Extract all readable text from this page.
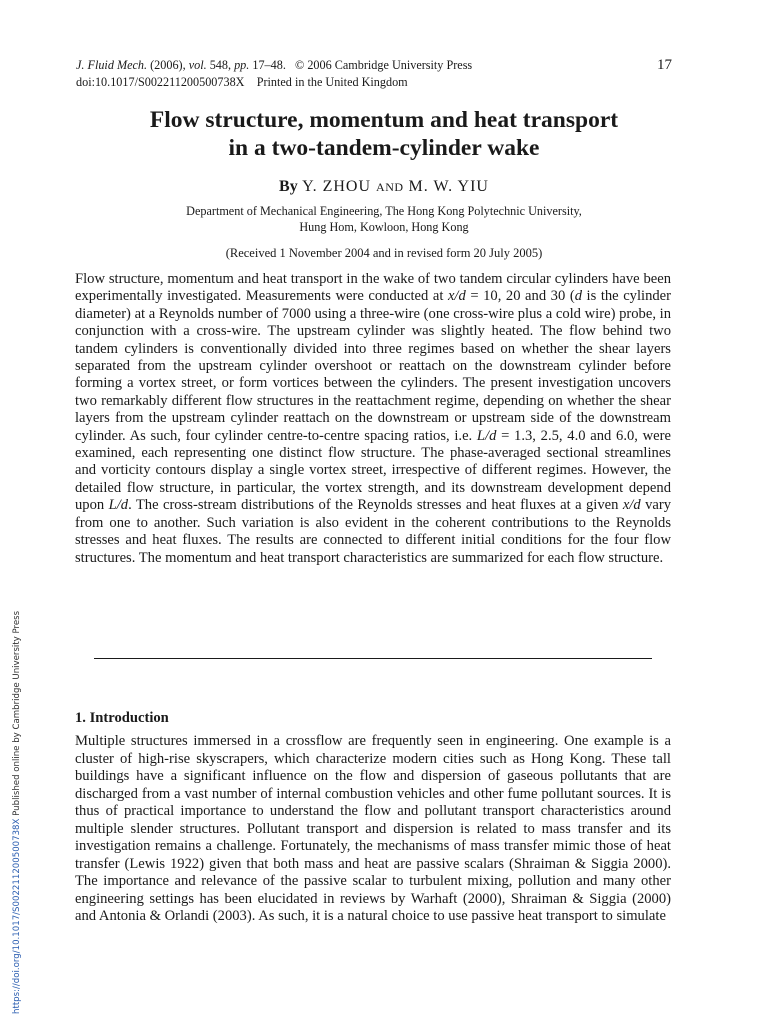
J. Fluid Mech. (2006), vol. 548, pp. 17–48. © 2006 Cambridge University Press	17
doi:10.1017/S002211200500738X Printed in the United Kingdom
Flow structure, momentum and heat transport
in a two-tandem-cylinder wake
By Y. ZHOU AND M. W. YIU
Department of Mechanical Engineering, The Hong Kong Polytechnic University,
Hung Hom, Kowloon, Hong Kong
(Received 1 November 2004 and in revised form 20 July 2005)
Flow structure, momentum and heat transport in the wake of two tandem circular cylinders have been experimentally investigated. Measurements were conducted at x/d = 10, 20 and 30 (d is the cylinder diameter) at a Reynolds number of 7000 using a three-wire (one cross-wire plus a cold wire) probe, in conjunction with a cross-wire. The upstream cylinder was slightly heated. The flow behind two tandem cylinders is conventionally divided into three regimes based on whether the shear layers separated from the upstream cylinder overshoot or reattach on the downstream cylinder before forming a vortex street, or form vortices between the cylinders. The present investigation uncovers two remarkably different flow structures in the reattachment regime, depending on whether the shear layers from the upstream cylinder reattach on the downstream or upstream side of the downstream cylinder. As such, four cylinder centre-to-centre spacing ratios, i.e. L/d = 1.3, 2.5, 4.0 and 6.0, were examined, each representing one distinct flow structure. The phase-averaged sectional streamlines and vorticity contours display a single vortex street, irrespective of different regimes. However, the detailed flow structure, in particular, the vortex strength, and its downstream development depend upon L/d. The cross-stream distributions of the Reynolds stresses and heat fluxes at a given x/d vary from one to another. Such variation is also evident in the coherent contributions to the Reynolds stresses and heat fluxes. The results are connected to different initial conditions for the four flow structures. The momentum and heat transport characteristics are summarized for each flow structure.
1. Introduction
Multiple structures immersed in a crossflow are frequently seen in engineering. One example is a cluster of high-rise skyscrapers, which characterize modern cities such as Hong Kong. These tall buildings have a significant influence on the flow and dispersion of gaseous pollutants that are discharged from a vast number of internal combustion vehicles and other fume pollutant sources. It is thus of practical importance to understand the flow and pollutant transport characteristics around multiple slender structures. Pollutant transport and dispersion is related to mass transfer and its investigation remains a challenge. Fortunately, the mechanisms of mass transfer mimic those of heat transfer (Lewis 1922) given that both mass and heat are passive scalars (Shraiman & Siggia 2000). The importance and relevance of the passive scalar to turbulent mixing, pollution and many other engineering settings has been elucidated in reviews by Warhaft (2000), Shraiman & Siggia (2000) and Antonia & Orlandi (2003). As such, it is a natural choice to use passive heat transport to simulate
https://doi.org/10.1017/S002211200500738X Published online by Cambridge University Press
